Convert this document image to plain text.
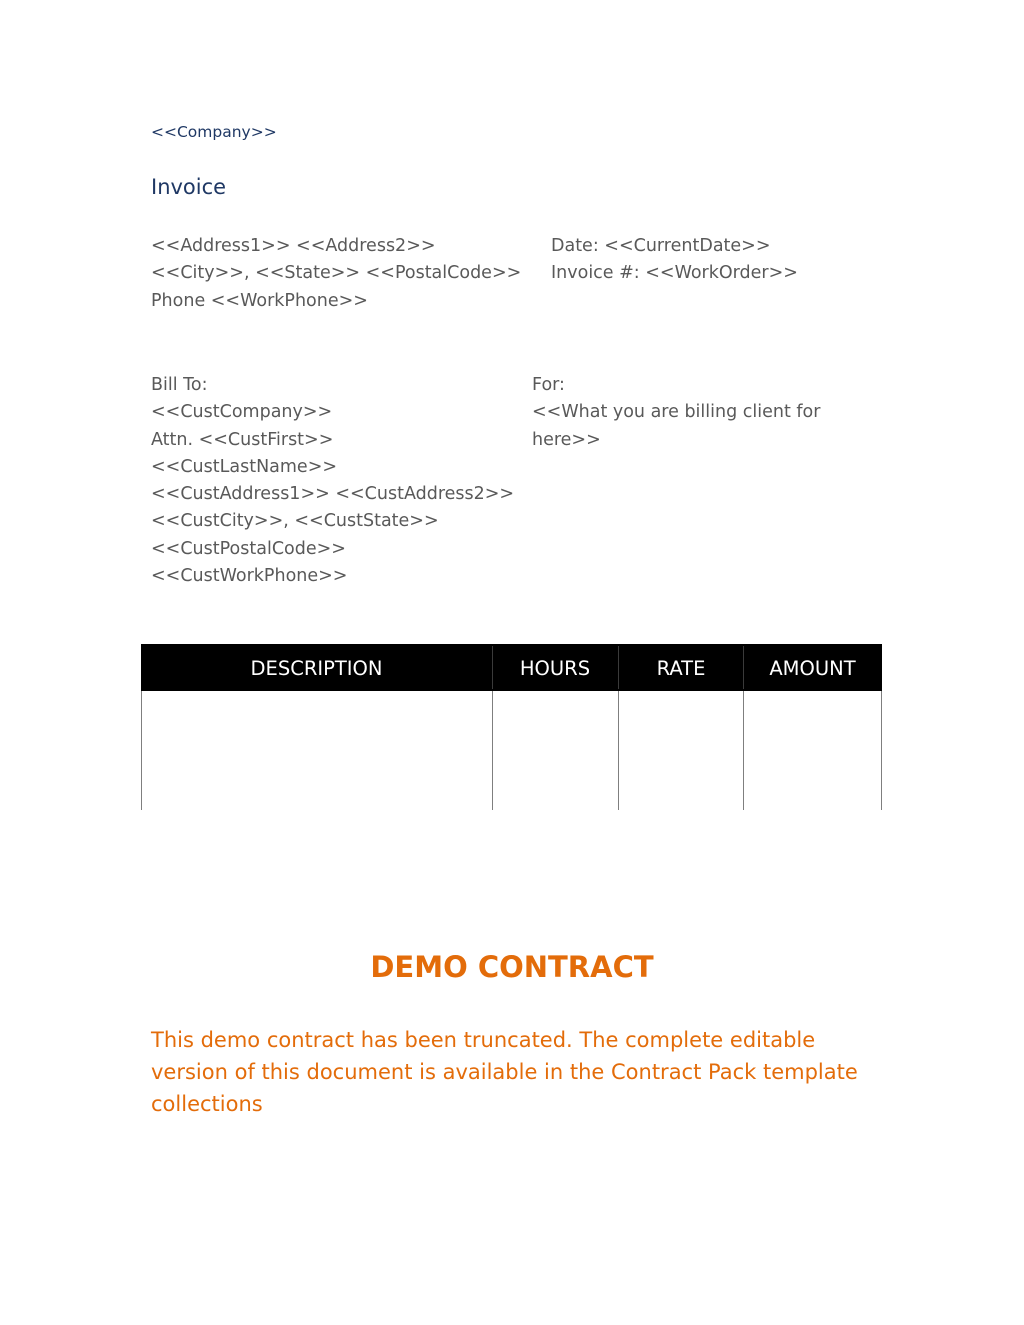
<<Company>>
Invoice
<<Address1>> <<Address2>>
<<City>>, <<State>> <<PostalCode>>
Phone <<WorkPhone>>
Date: <<CurrentDate>>
Invoice #: <<WorkOrder>>
Bill To:
<<CustCompany>>
Attn. <<CustFirst>>
<<CustLastName>>
<<CustAddress1>> <<CustAddress2>>
<<CustCity>>, <<CustState>>
<<CustPostalCode>>
<<CustWorkPhone>>
For:
<<What you are billing client for
here>>
DESCRIPTION	HOURS	RATE	AMOUNT
DEMO CONTRACT
This demo contract has been truncated. The complete editable version of this document is available in the Contract Pack template collections
